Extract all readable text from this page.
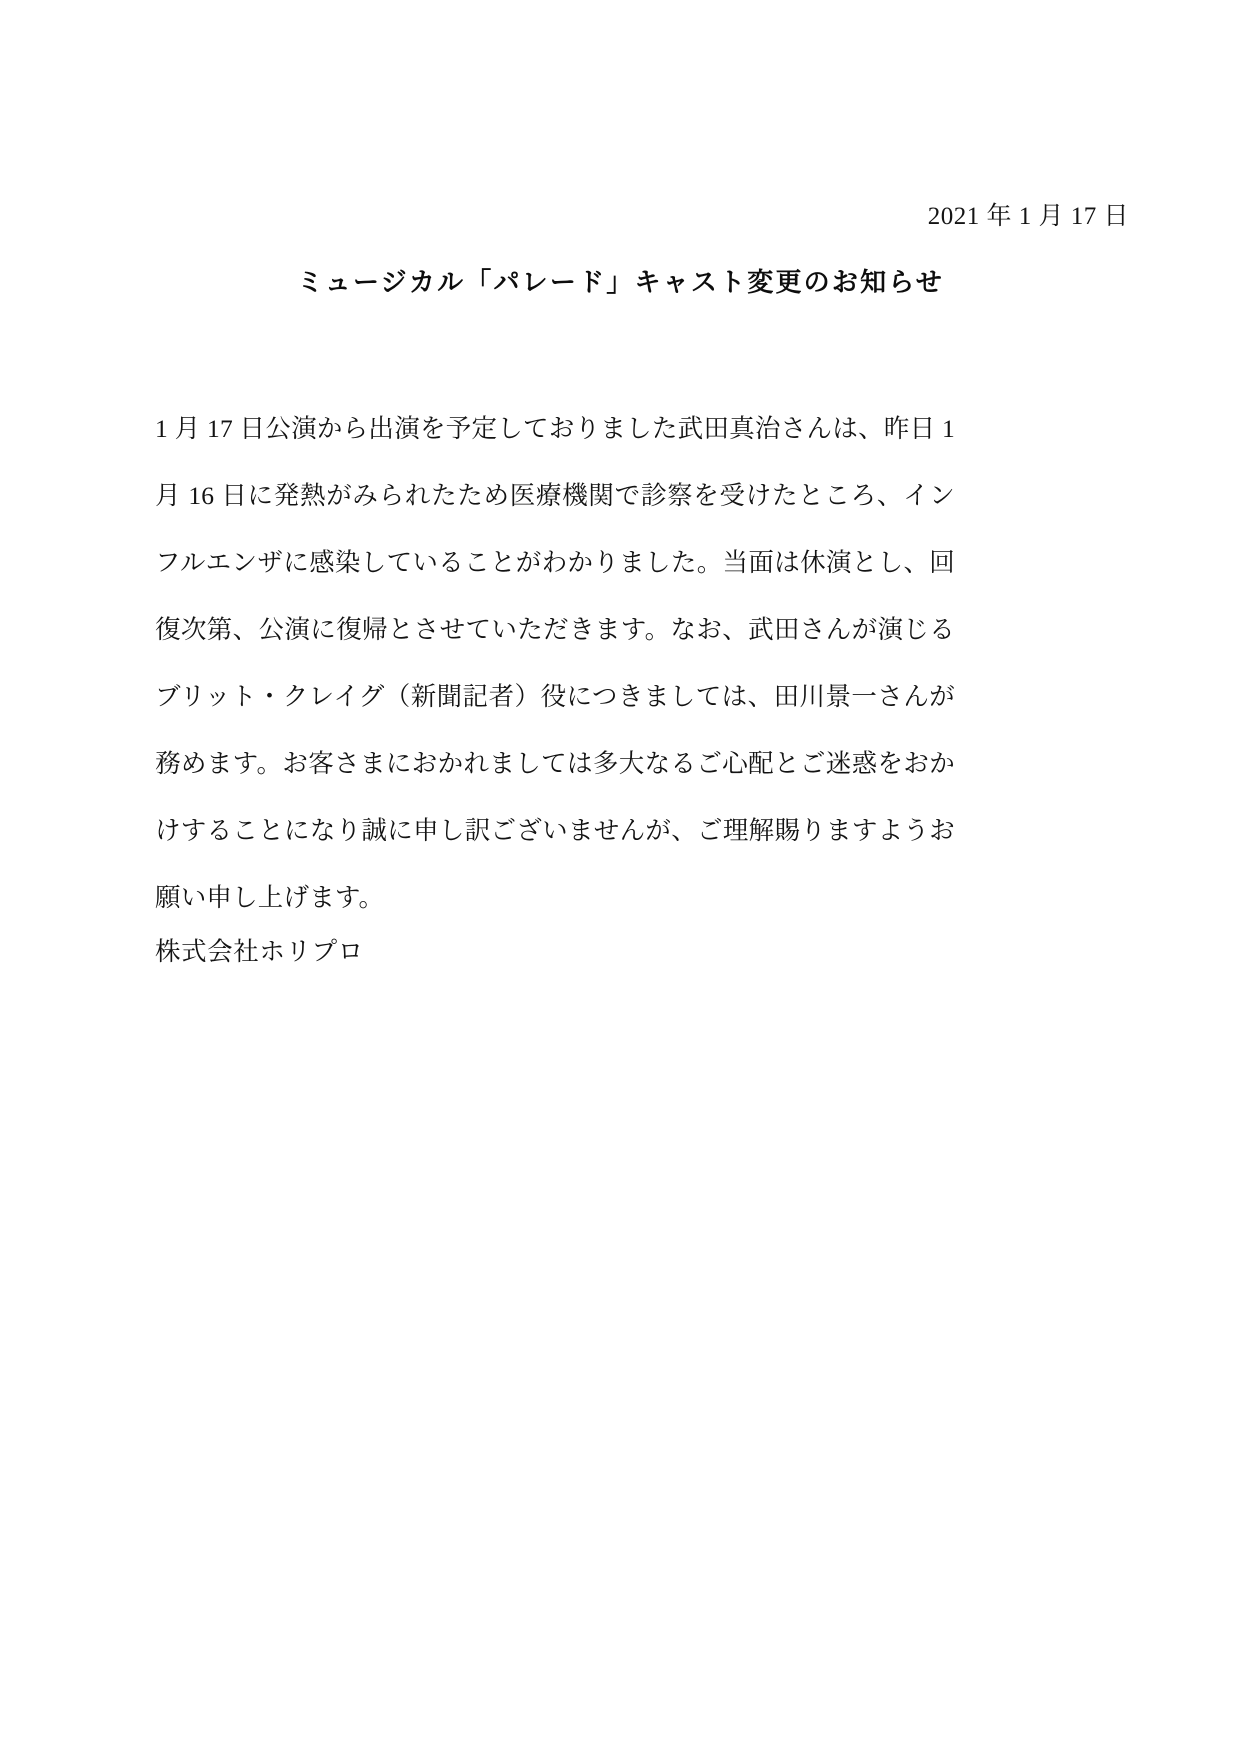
2021 年 1 月 17 日
ミュージカル「パレード」キャスト変更のお知らせ

1 月 17 日公演から出演を予定しておりました武田真治さんは、昨日 1 月 16 日に発熱がみられたため医療機関で診察を受けたところ、インフルエンザに感染していることがわかりました。当面は休演とし、回復次第、公演に復帰とさせていただきます。なお、武田さんが演じるブリット・クレイグ（新聞記者）役につきましては、田川景一さんが務めます。お客さまにおかれましては多大なるご心配とご迷惑をおかけすることになり誠に申し訳ございませんが、ご理解賜りますようお願い申し上げます。

株式会社ホリプロ
